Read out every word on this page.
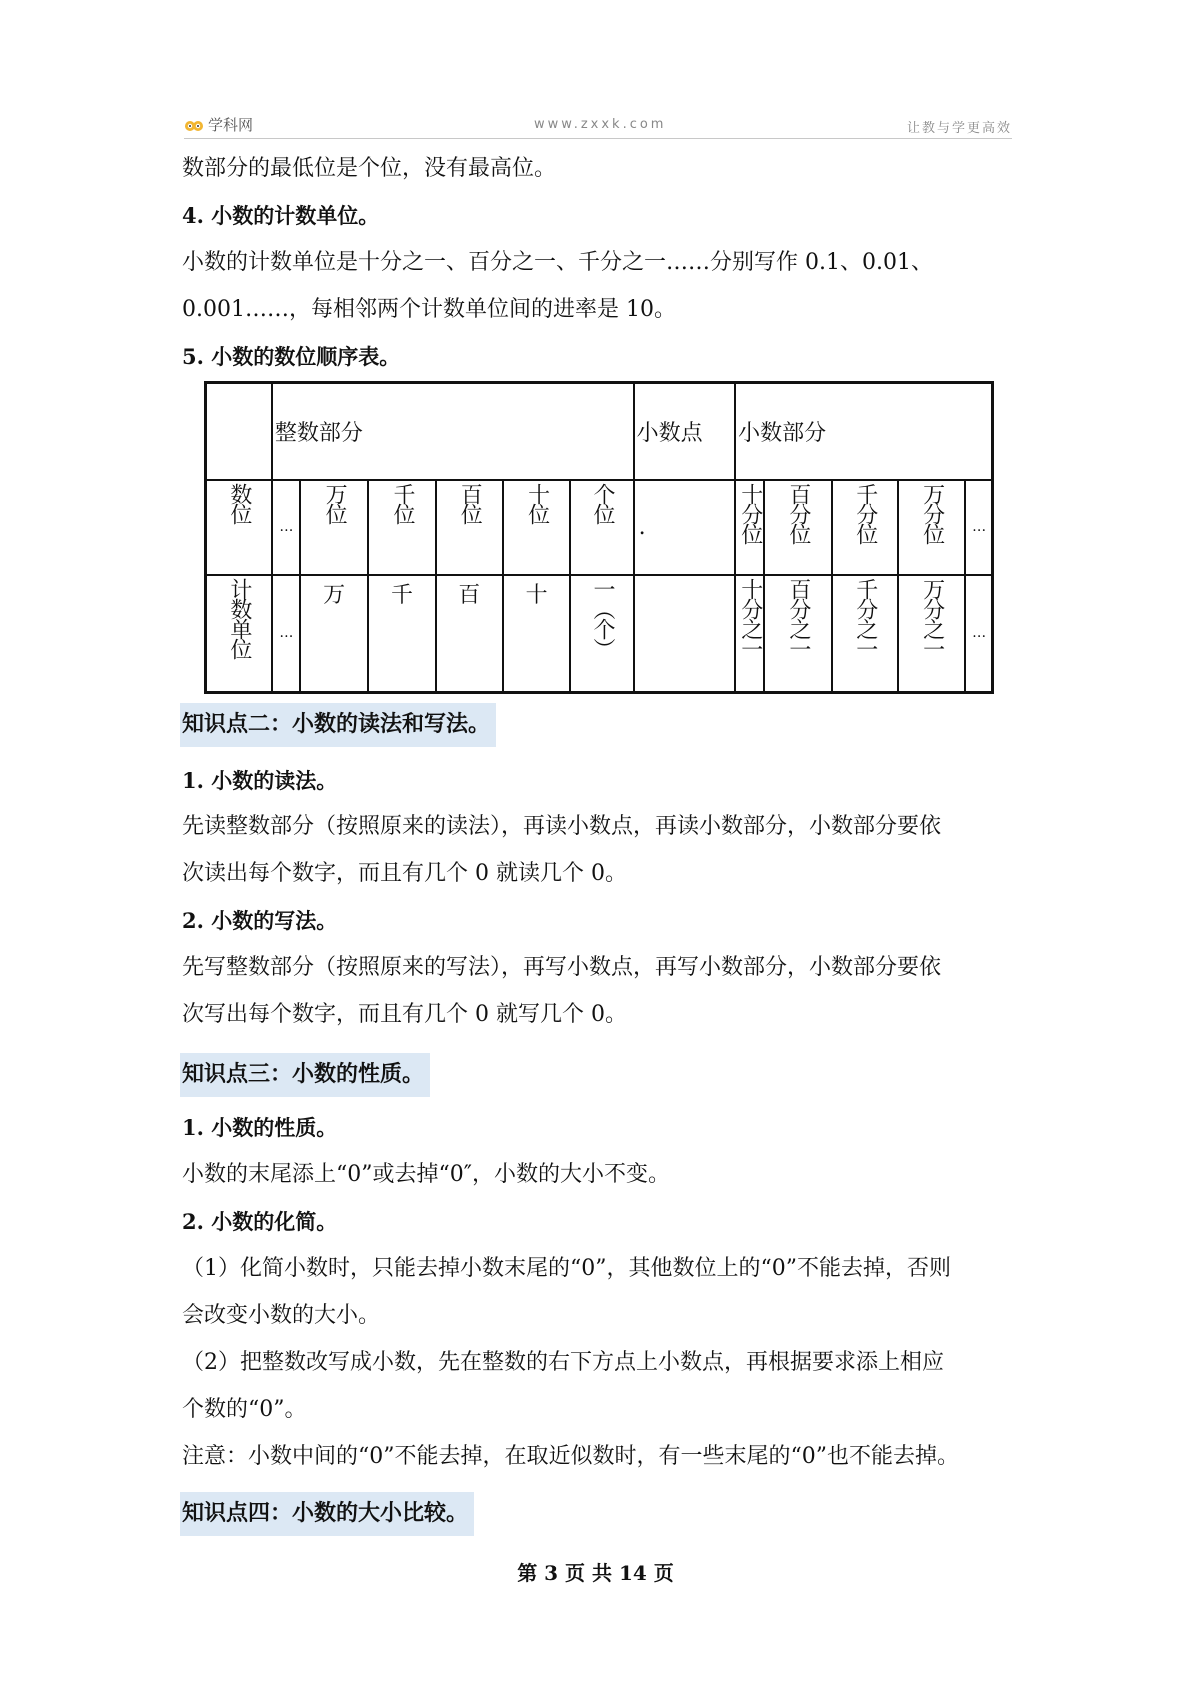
学科网	www.zxxk.com	让教与学更高效
数部分的最低位是个位，没有最高位。
4. 小数的计数单位。
小数的计数单位是十分之一、百分之一、千分之一……分别写作 0.1、0.01、
0.001……，每相邻两个计数单位间的进率是 10。
5. 小数的数位顺序表。
	整数部分						小数点	小数部分				
数位	…	万位	千位	百位	十位	个位	.	十分位	百分位	千分位	万分位	…
计数单位	…	万	千	百	十	一（个）		十分之一	百分之一	千分之一	万分之一	…
知识点二：小数的读法和写法。
1. 小数的读法。
先读整数部分（按照原来的读法），再读小数点，再读小数部分，小数部分要依
次读出每个数字，而且有几个 0 就读几个 0。
2. 小数的写法。
先写整数部分（按照原来的写法），再写小数点，再写小数部分，小数部分要依
次写出每个数字，而且有几个 0 就写几个 0。
知识点三：小数的性质。
1. 小数的性质。
小数的末尾添上“0”或去掉“0″，小数的大小不变。
2. 小数的化简。
（1）化简小数时，只能去掉小数末尾的“0”，其他数位上的“0”不能去掉，否则
会改变小数的大小。
（2）把整数改写成小数，先在整数的右下方点上小数点，再根据要求添上相应
个数的“0”。
注意：小数中间的“0”不能去掉，在取近似数时，有一些末尾的“0”也不能去掉。
知识点四：小数的大小比较。
第 3 页 共 14 页
